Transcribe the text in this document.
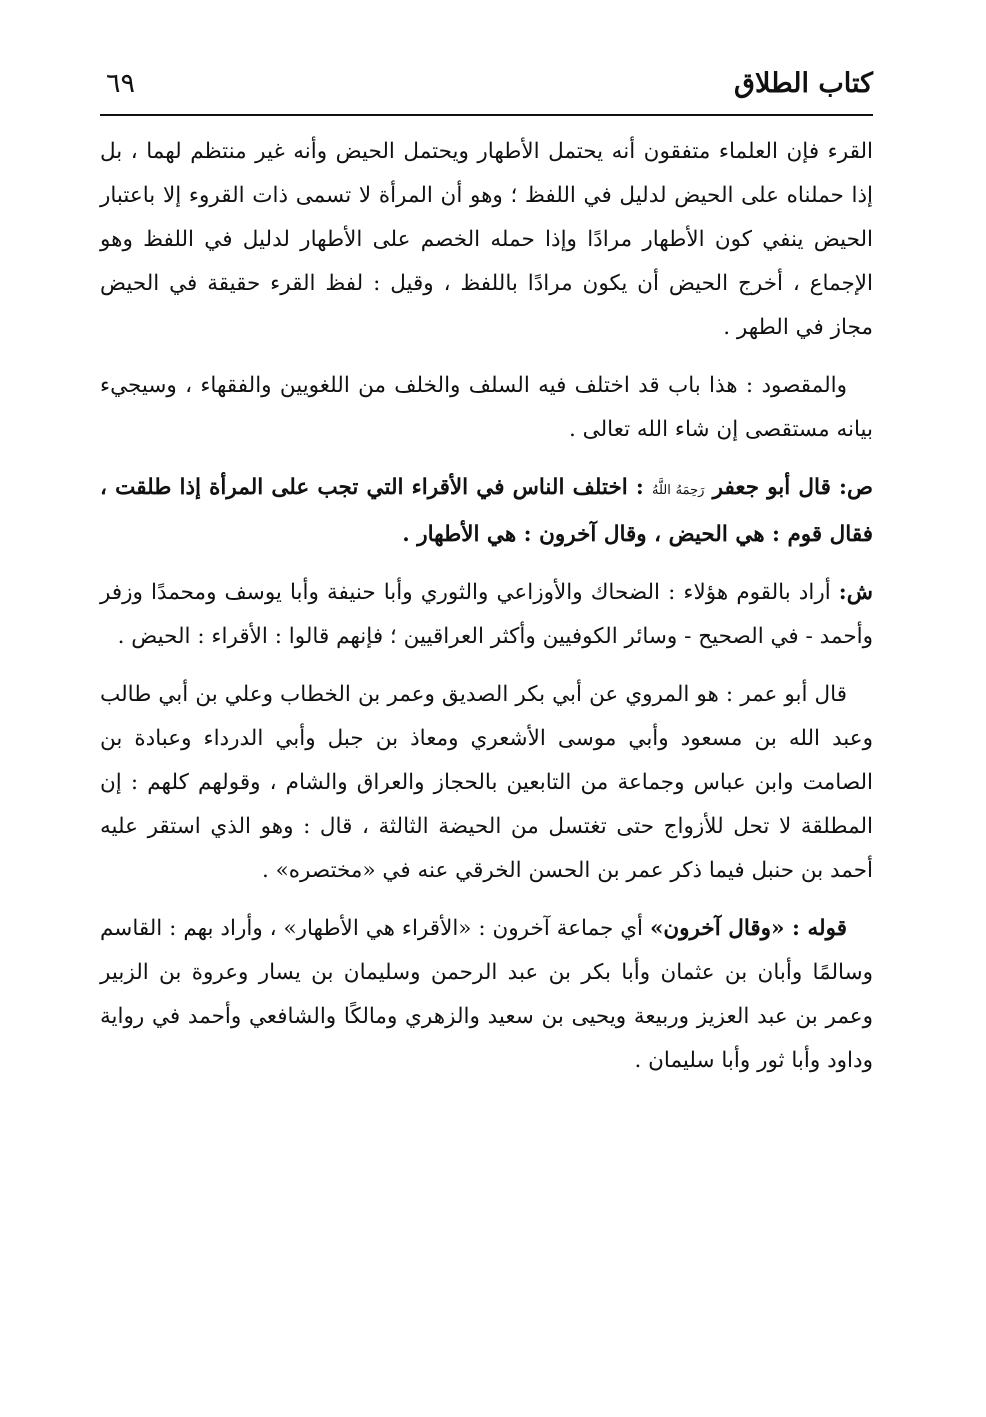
كتاب الطلاق
٦٩

القرء فإن العلماء متفقون أنه يحتمل الأطهار ويحتمل الحيض وأنه غير منتظم لهما ، بل إذا حملناه على الحيض لدليل في اللفظ ؛ وهو أن المرأة لا تسمى ذات القروء إلا باعتبار الحيض ينفي كون الأطهار مرادًا وإذا حمله الخصم على الأطهار لدليل في اللفظ وهو الإجماع ، أخرج الحيض أن يكون مرادًا باللفظ ، وقيل : لفظ القرء حقيقة في الحيض مجاز في الطهر .

والمقصود : هذا باب قد اختلف فيه السلف والخلف من اللغويين والفقهاء ، وسيجيء بيانه مستقصى إن شاء الله تعالى .

ص: قال أبو جعفر رَحِمَهُ اللَّهُ : اختلف الناس في الأقراء التي تجب على المرأة إذا طلقت ، فقال قوم : هي الحيض ، وقال آخرون : هي الأطهار .

ش: أراد بالقوم هؤلاء : الضحاك والأوزاعي والثوري وأبا حنيفة وأبا يوسف ومحمدًا وزفر وأحمد - في الصحيح - وسائر الكوفيين وأكثر العراقيين ؛ فإنهم قالوا : الأقراء : الحيض .

قال أبو عمر : هو المروي عن أبي بكر الصديق وعمر بن الخطاب وعلي بن أبي طالب وعبد الله بن مسعود وأبي موسى الأشعري ومعاذ بن جبل وأبي الدرداء وعبادة بن الصامت وابن عباس وجماعة من التابعين بالحجاز والعراق والشام ، وقولهم كلهم : إن المطلقة لا تحل للأزواج حتى تغتسل من الحيضة الثالثة ، قال : وهو الذي استقر عليه أحمد بن حنبل فيما ذكر عمر بن الحسن الخرقي عنه في «مختصره» .

قوله : «وقال آخرون» أي جماعة آخرون : «الأقراء هي الأطهار» ، وأراد بهم : القاسم وسالمًا وأبان بن عثمان وأبا بكر بن عبد الرحمن وسليمان بن يسار وعروة بن الزبير وعمر بن عبد العزيز وربيعة ويحيى بن سعيد والزهري ومالكًا والشافعي وأحمد في رواية وداود وأبا ثور وأبا سليمان .
